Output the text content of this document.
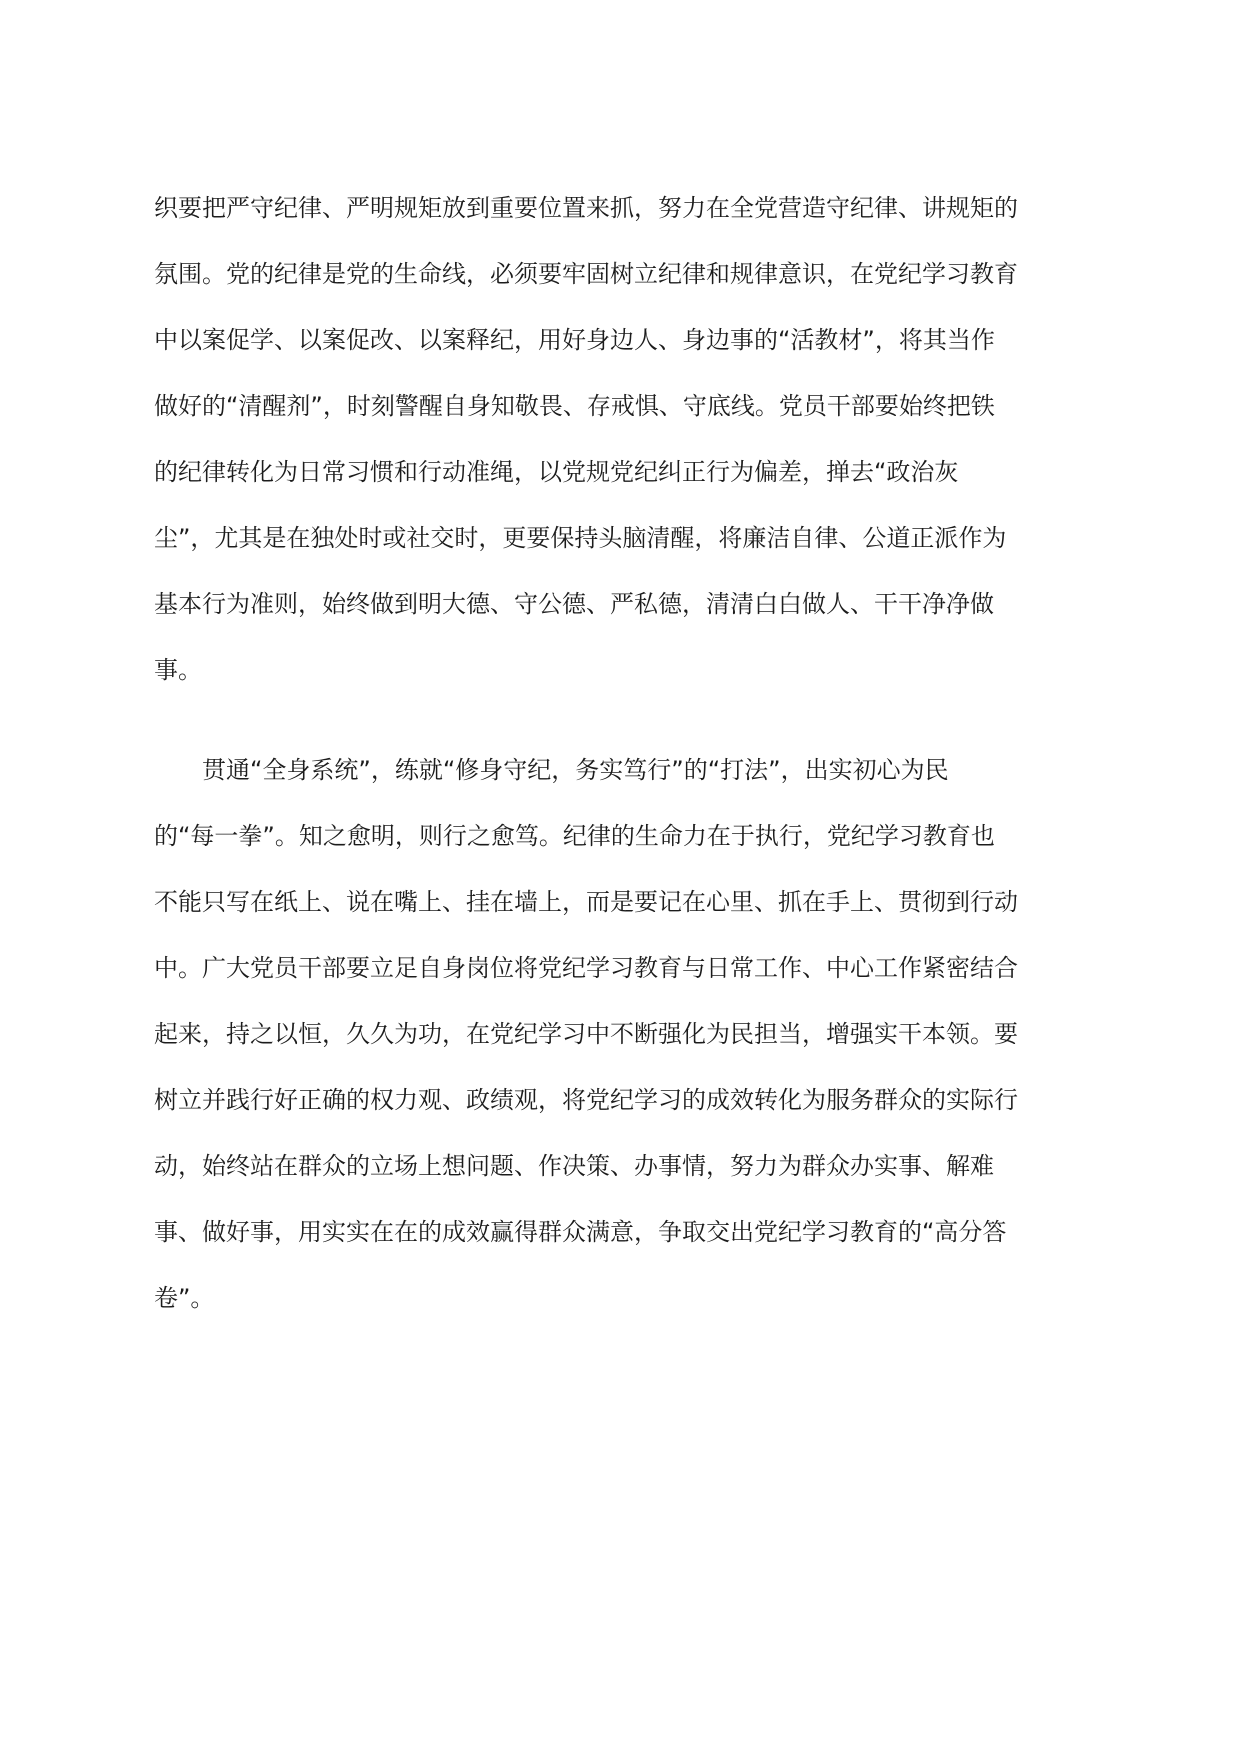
织要把严守纪律、严明规矩放到重要位置来抓，努力在全党营造守纪律、讲规矩的
氛围。党的纪律是党的生命线，必须要牢固树立纪律和规律意识，在党纪学习教育
中以案促学、以案促改、以案释纪，用好身边人、身边事的“活教材”，将其当作
做好的“清醒剂”，时刻警醒自身知敬畏、存戒惧、守底线。党员干部要始终把铁
的纪律转化为日常习惯和行动准绳，以党规党纪纠正行为偏差，掸去“政治灰
尘”，尤其是在独处时或社交时，更要保持头脑清醒，将廉洁自律、公道正派作为
基本行为准则，始终做到明大德、守公德、严私德，清清白白做人、干干净净做
事。
　　贯通“全身系统”，练就“修身守纪，务实笃行”的“打法”，出实初心为民
的“每一拳”。知之愈明，则行之愈笃。纪律的生命力在于执行，党纪学习教育也
不能只写在纸上、说在嘴上、挂在墙上，而是要记在心里、抓在手上、贯彻到行动
中。广大党员干部要立足自身岗位将党纪学习教育与日常工作、中心工作紧密结合
起来，持之以恒，久久为功，在党纪学习中不断强化为民担当，增强实干本领。要
树立并践行好正确的权力观、政绩观，将党纪学习的成效转化为服务群众的实际行
动，始终站在群众的立场上想问题、作决策、办事情，努力为群众办实事、解难
事、做好事，用实实在在的成效赢得群众满意，争取交出党纪学习教育的“高分答
卷”。
